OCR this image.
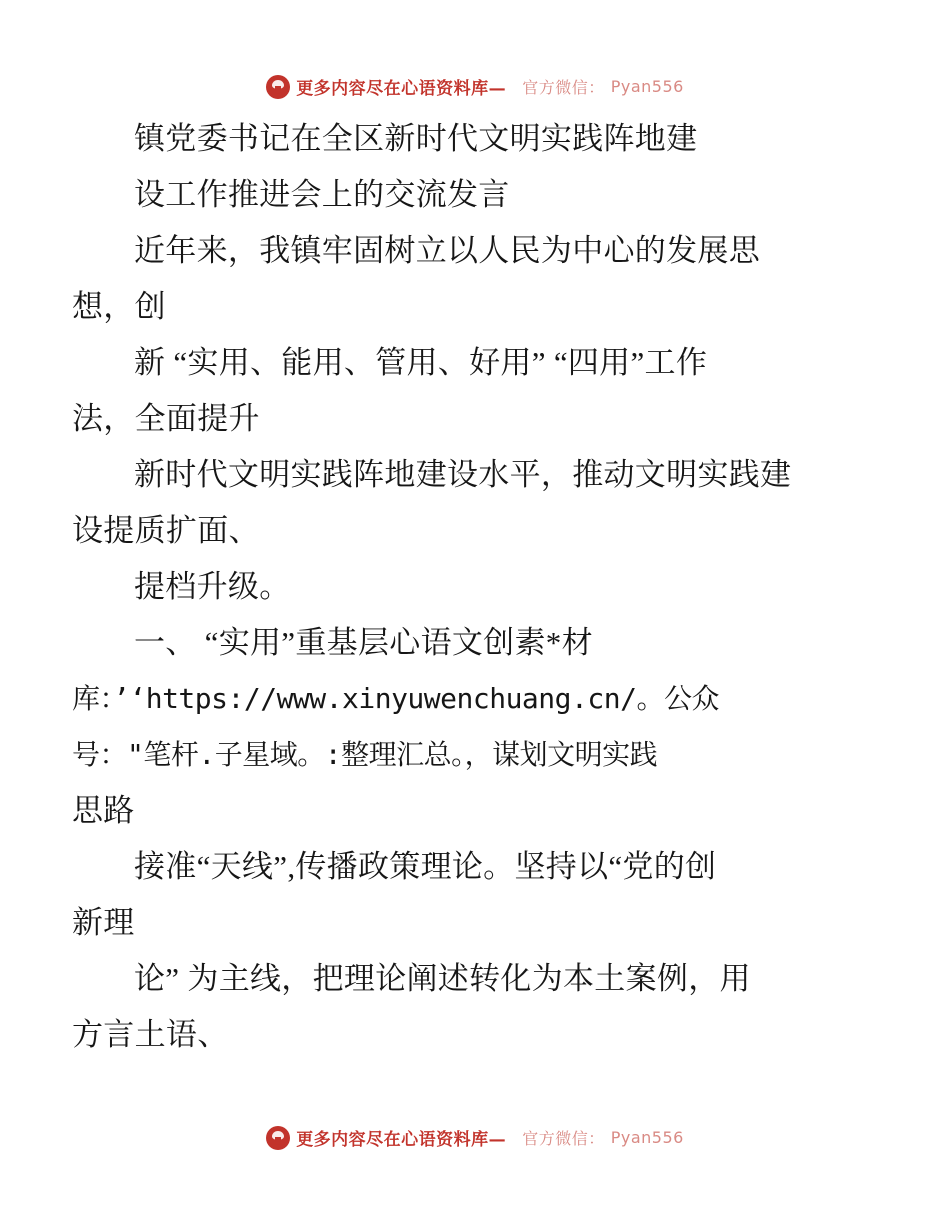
更多内容尽在心语资料库— 官方微信： Pyan556

镇党委书记在全区新时代文明实践阵地建

设工作推进会上的交流发言

近年来，我镇牢固树立以人民为中心的发展思

想，创

新 “实用、能用、管用、好用” “四用”工作

法，全面提升

新时代文明实践阵地建设水平，推动文明实践建

设提质扩面、

提档升级。

一、 “实用”重基层心语文创素*材

库：’‘https://www.xinyuwenchuang.cn/。公众

号："笔杆.子星域。:整理汇总。，谋划文明实践

思路

接准“天线”,传播政策理论。坚持以“党的创

新理

论” 为主线，把理论阐述转化为本土案例，用

方言土语、

更多内容尽在心语资料库— 官方微信： Pyan556
